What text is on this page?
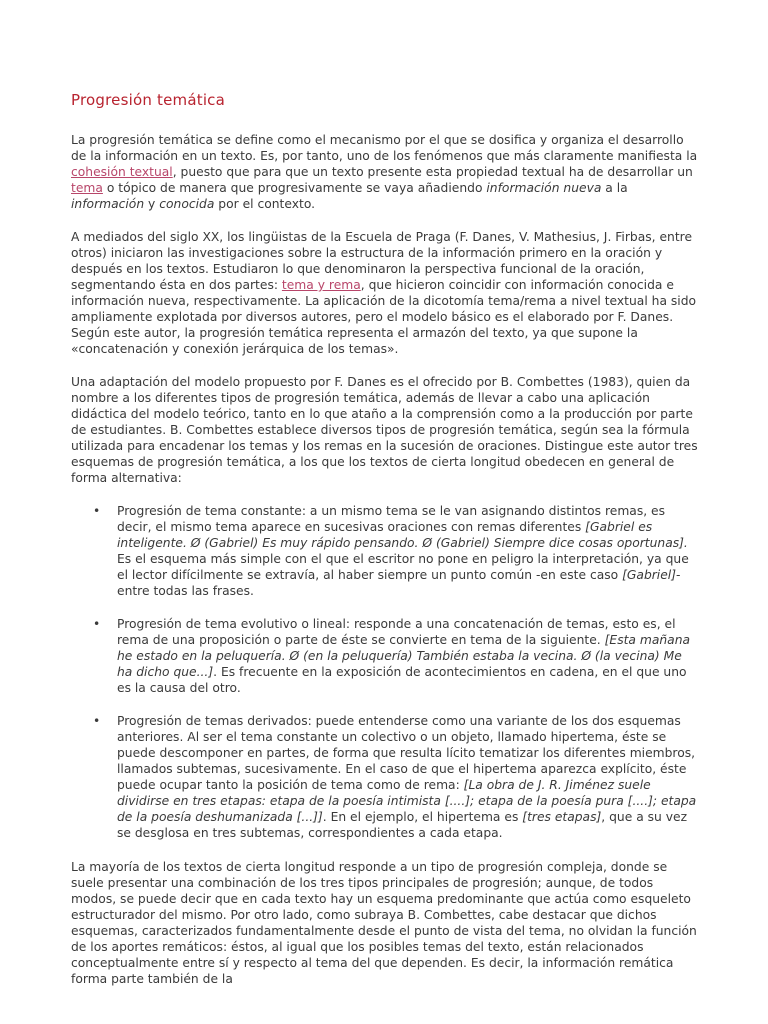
Progresión temática

La progresión temática se define como el mecanismo por el que se dosifica y organiza el desarrollo de la información en un texto. Es, por tanto, uno de los fenómenos que más claramente manifiesta la cohesión textual, puesto que para que un texto presente esta propiedad textual ha de desarrollar un tema o tópico de manera que progresivamente se vaya añadiendo información nueva a la información y conocida por el contexto.

A mediados del siglo XX, los lingüistas de la Escuela de Praga (F. Danes, V. Mathesius, J. Firbas, entre otros) iniciaron las investigaciones sobre la estructura de la información primero en la oración y después en los textos. Estudiaron lo que denominaron la perspectiva funcional de la oración, segmentando ésta en dos partes: tema y rema, que hicieron coincidir con información conocida e información nueva, respectivamente. La aplicación de la dicotomía tema/rema a nivel textual ha sido ampliamente explotada por diversos autores, pero el modelo básico es el elaborado por F. Danes. Según este autor, la progresión temática representa el armazón del texto, ya que supone la «concatenación y conexión jerárquica de los temas».

Una adaptación del modelo propuesto por F. Danes es el ofrecido por B. Combettes (1983), quien da nombre a los diferentes tipos de progresión temática, además de llevar a cabo una aplicación didáctica del modelo teórico, tanto en lo que ataño a la comprensión como a la producción por parte de estudiantes. B. Combettes establece diversos tipos de progresión temática, según sea la fórmula utilizada para encadenar los temas y los remas en la sucesión de oraciones. Distingue este autor tres esquemas de progresión temática, a los que los textos de cierta longitud obedecen en general de forma alternativa:

• Progresión de tema constante: a un mismo tema se le van asignando distintos remas, es decir, el mismo tema aparece en sucesivas oraciones con remas diferentes [Gabriel es inteligente. Ø (Gabriel) Es muy rápido pensando. Ø (Gabriel) Siempre dice cosas oportunas]. Es el esquema más simple con el que el escritor no pone en peligro la interpretación, ya que el lector difícilmente se extravía, al haber siempre un punto común -en este caso [Gabriel]- entre todas las frases.
• Progresión de tema evolutivo o lineal: responde a una concatenación de temas, esto es, el rema de una proposición o parte de éste se convierte en tema de la siguiente. [Esta mañana he estado en la peluquería. Ø (en la peluquería) También estaba la vecina. Ø (la vecina) Me ha dicho que...]. Es frecuente en la exposición de acontecimientos en cadena, en el que uno es la causa del otro.
• Progresión de temas derivados: puede entenderse como una variante de los dos esquemas anteriores. Al ser el tema constante un colectivo o un objeto, llamado hipertema, éste se puede descomponer en partes, de forma que resulta lícito tematizar los diferentes miembros, llamados subtemas, sucesivamente. En el caso de que el hipertema aparezca explícito, éste puede ocupar tanto la posición de tema como de rema: [La obra de J. R. Jiménez suele dividirse en tres etapas: etapa de la poesía intimista [....]; etapa de la poesía pura [....]; etapa de la poesía deshumanizada [...]]. En el ejemplo, el hipertema es [tres etapas], que a su vez se desglosa en tres subtemas, correspondientes a cada etapa.

La mayoría de los textos de cierta longitud responde a un tipo de progresión compleja, donde se suele presentar una combinación de los tres tipos principales de progresión; aunque, de todos modos, se puede decir que en cada texto hay un esquema predominante que actúa como esqueleto estructurador del mismo. Por otro lado, como subraya B. Combettes, cabe destacar que dichos esquemas, caracterizados fundamentalmente desde el punto de vista del tema, no olvidan la función de los aportes remáticos: éstos, al igual que los posibles temas del texto, están relacionados conceptualmente entre sí y respecto al tema del que dependen. Es decir, la información remática forma parte también de la
